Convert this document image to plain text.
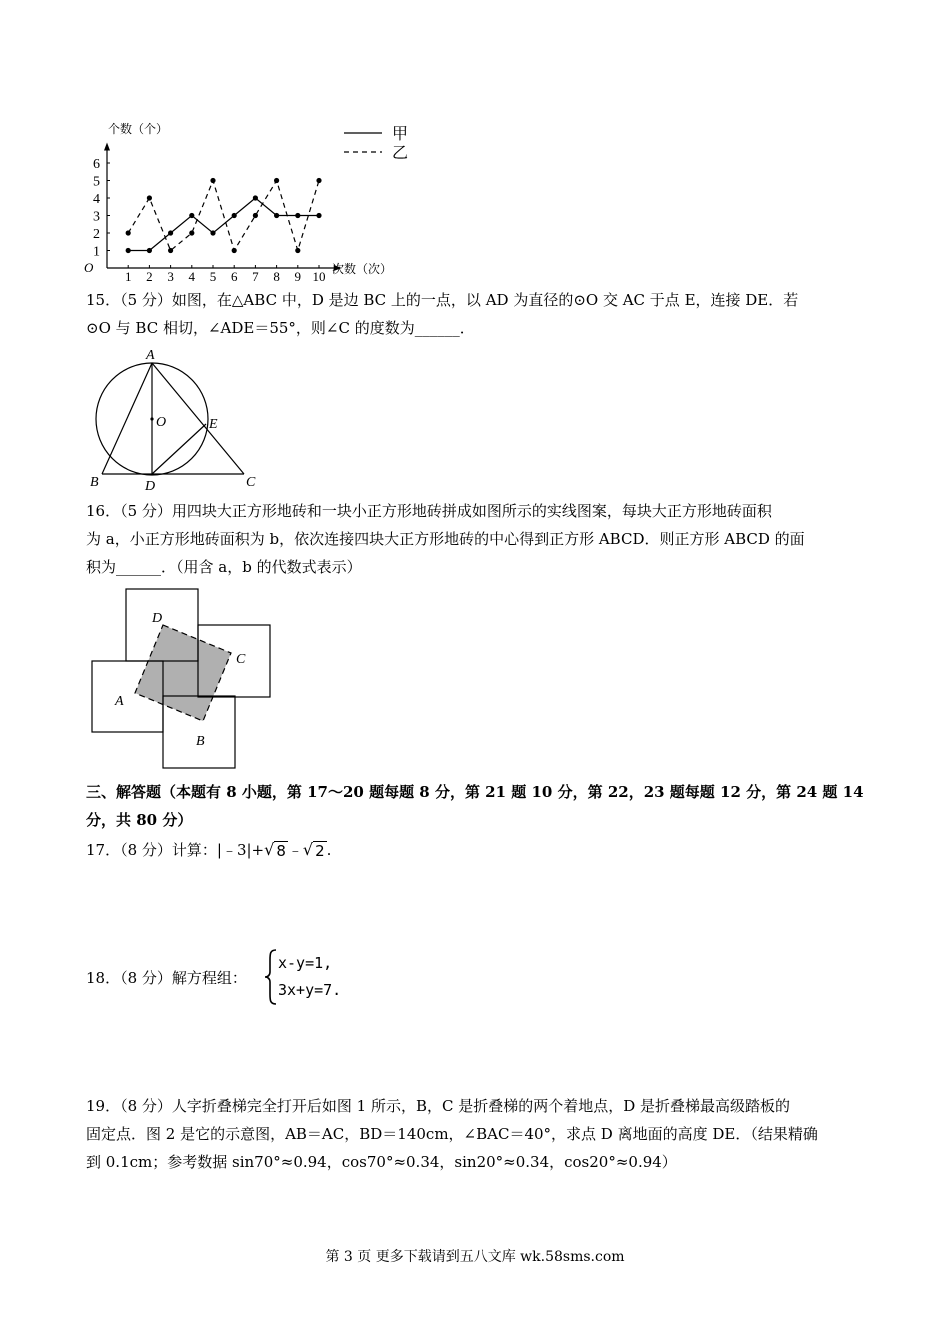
1 2 3 4 5 6 7 8 9 10
1
2
3
4
5
6
甲
乙
个数（个）
次数（次）
O
15．（5 分）如图，在△ABC 中，D 是边 BC 上的一点，以 AD 为直径的⊙O 交 AC 于点 E，连接 DE．若
⊙O 与 BC 相切，∠ADE＝55°，则∠C 的度数为______．
A
B	C
D
E
O
16．（5 分）用四块大正方形地砖和一块小正方形地砖拼成如图所示的实线图案，每块大正方形地砖面积
为 a，小正方形地砖面积为 b，依次连接四块大正方形地砖的中心得到正方形 ABCD．则正方形 ABCD 的面
积为______．（用含 a，b 的代数式表示）
D
C
B
A
三、解答题（本题有 8 小题，第 17～20 题每题 8 分，第 21 题 10 分，第 22，23 题每题 12 分，第 24 题 14
分，共 80 分）
17．（8 分）计算：|﹣3|+ √ 8 ﹣ √ 2 .
18．（8 分）解方程组：
x-y=1,
3x+y=7.
19．（8 分）人字折叠梯完全打开后如图 1 所示，B，C 是折叠梯的两个着地点，D 是折叠梯最高级踏板的
固定点．图 2 是它的示意图，AB＝AC，BD＝140cm，∠BAC＝40°，求点 D 离地面的高度 DE．（结果精确
到 0.1cm；参考数据 sin70°≈0.94，cos70°≈0.34，sin20°≈0.34，cos20°≈0.94）
第 3 页 更多下载请到五八文库 wk.58sms.com
